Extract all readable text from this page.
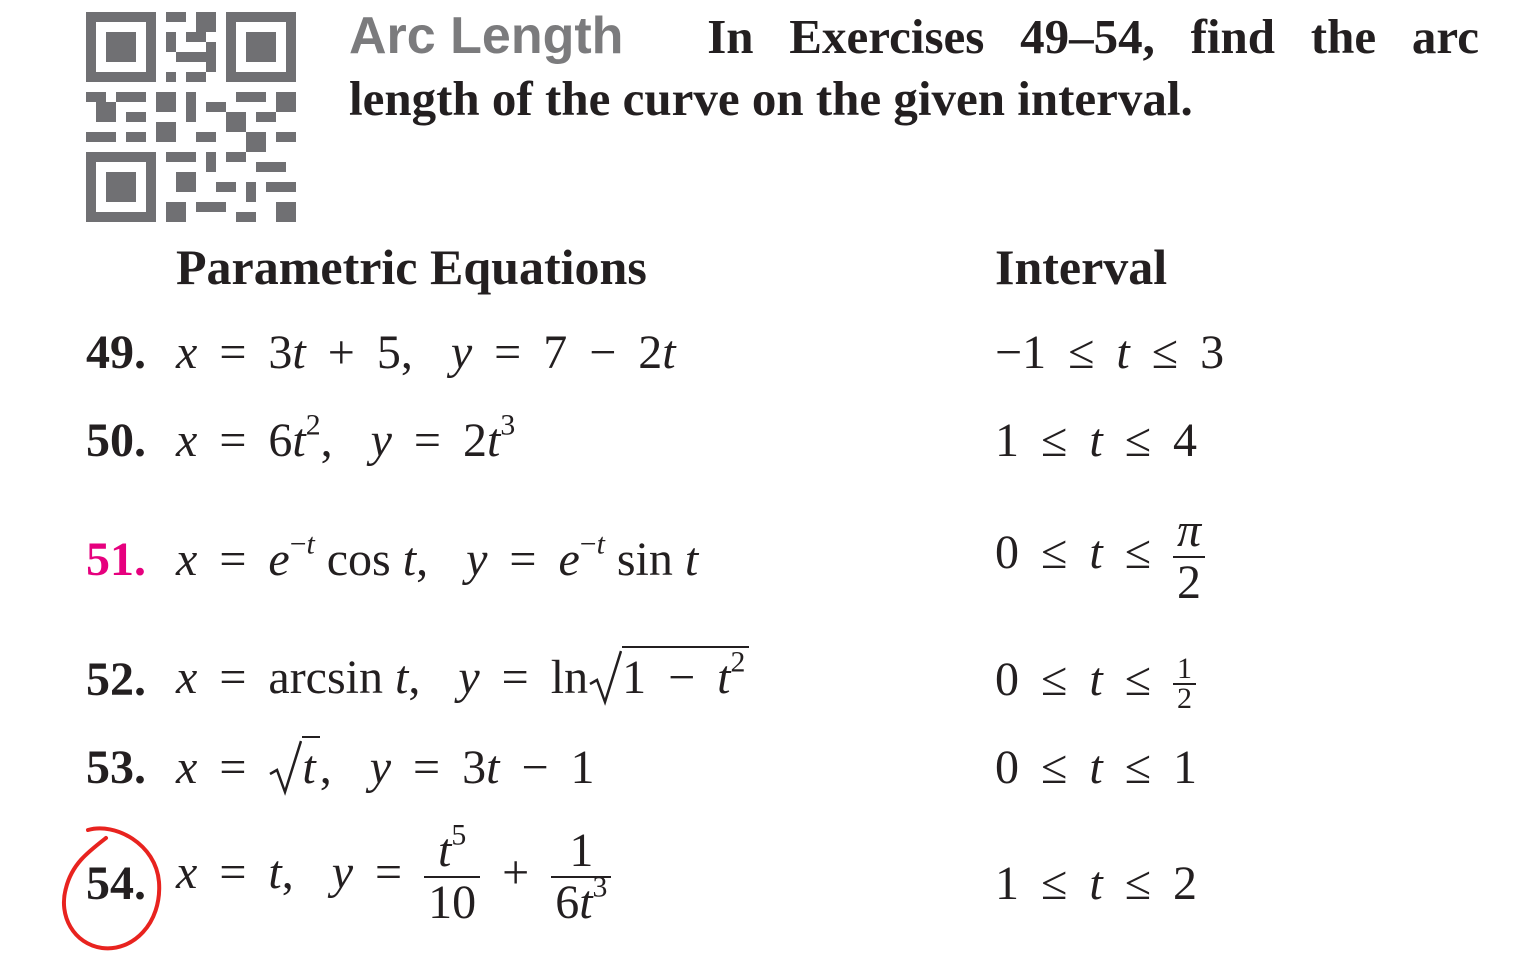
Arc Length In Exercises 49–54, find the arc
length of the curve on the given interval.
Parametric Equations	Interval
49. x = 3t + 5, y = 7 − 2t	−1 ≤ t ≤ 3
50. $x = 6t^2$, $y = 2t^3$	1 ≤ t ≤ 4
51. $x = e^{-t}$ cos t, $y = e^{-t}$ sin t	$0 \le t \le \frac{\pi}{2}$
52. x = arcsin t, $y = \ln 1 - t^2$	$0 \le t \le \frac{1}{2}$
53. x = t, y = 3t − 1	0 ≤ t ≤ 1
54. x = t, $y = \frac{t^5}{10} + \frac{1}{6t^3}$	1 ≤ t ≤ 2
